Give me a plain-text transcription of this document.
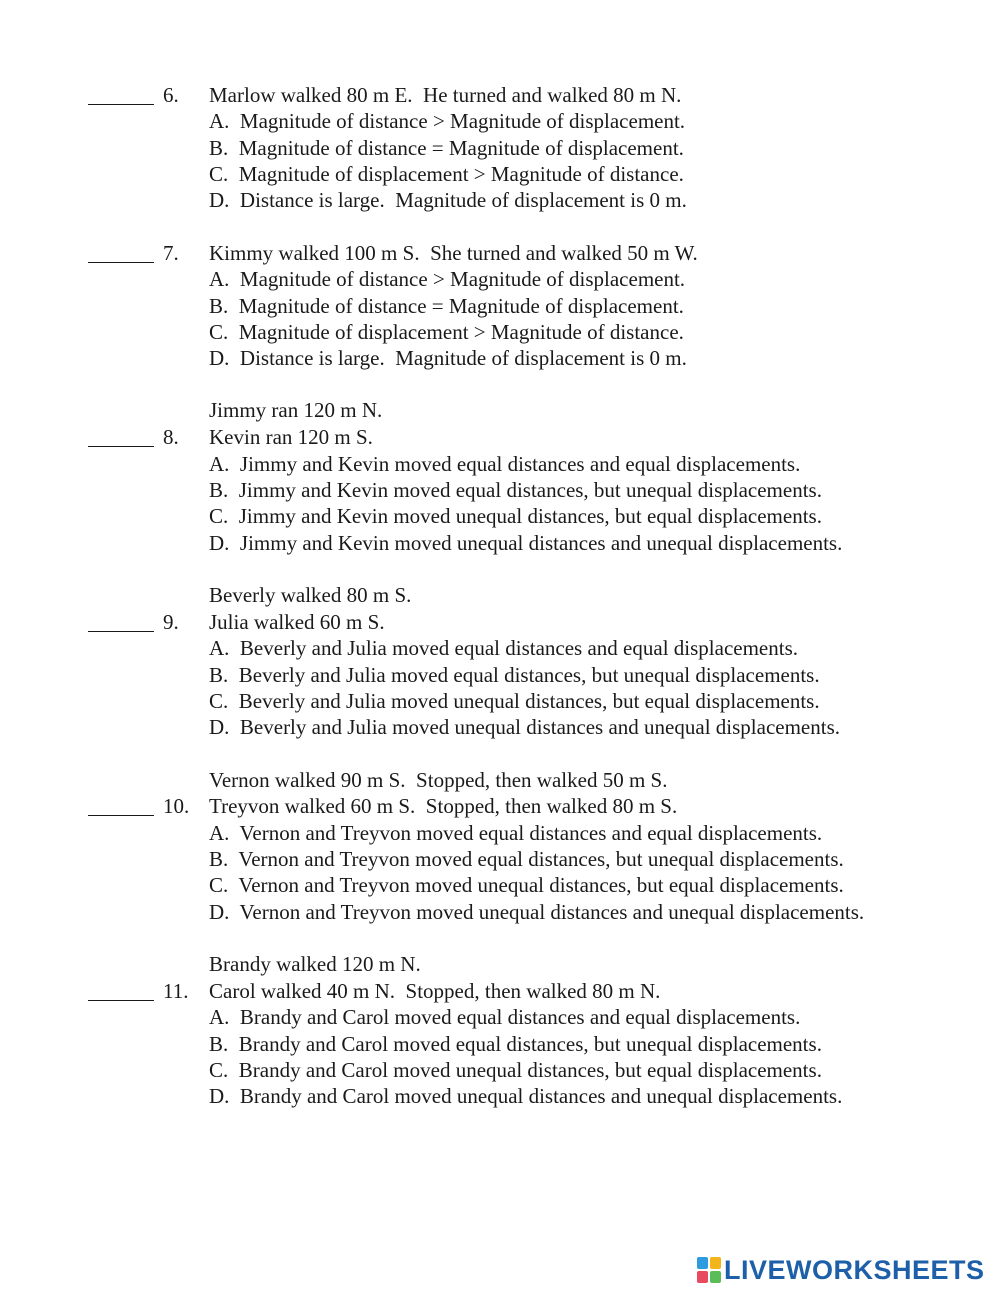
6. Marlow walked 80 m E.  He turned and walked 80 m N.
A.  Magnitude of distance > Magnitude of displacement.
B.  Magnitude of distance = Magnitude of displacement.
C.  Magnitude of displacement > Magnitude of distance.
D.  Distance is large.  Magnitude of displacement is 0 m.
7. Kimmy walked 100 m S.  She turned and walked 50 m W.
A.  Magnitude of distance > Magnitude of displacement.
B.  Magnitude of distance = Magnitude of displacement.
C.  Magnitude of displacement > Magnitude of distance.
D.  Distance is large.  Magnitude of displacement is 0 m.
Jimmy ran 120 m N.
8. Kevin ran 120 m S.
A.  Jimmy and Kevin moved equal distances and equal displacements.
B.  Jimmy and Kevin moved equal distances, but unequal displacements.
C.  Jimmy and Kevin moved unequal distances, but equal displacements.
D.  Jimmy and Kevin moved unequal distances and unequal displacements.
Beverly walked 80 m S.
9. Julia walked 60 m S.
A.  Beverly and Julia moved equal distances and equal displacements.
B.  Beverly and Julia moved equal distances, but unequal displacements.
C.  Beverly and Julia moved unequal distances, but equal displacements.
D.  Beverly and Julia moved unequal distances and unequal displacements.
Vernon walked 90 m S.  Stopped, then walked 50 m S.
10. Treyvon walked 60 m S.  Stopped, then walked 80 m S.
A.  Vernon and Treyvon moved equal distances and equal displacements.
B.  Vernon and Treyvon moved equal distances, but unequal displacements.
C.  Vernon and Treyvon moved unequal distances, but equal displacements.
D.  Vernon and Treyvon moved unequal distances and unequal displacements.
Brandy walked 120 m N.
11. Carol walked 40 m N.  Stopped, then walked 80 m N.
A.  Brandy and Carol moved equal distances and equal displacements.
B.  Brandy and Carol moved equal distances, but unequal displacements.
C.  Brandy and Carol moved unequal distances, but equal displacements.
D.  Brandy and Carol moved unequal distances and unequal displacements.
LIVEWORKSHEETS
